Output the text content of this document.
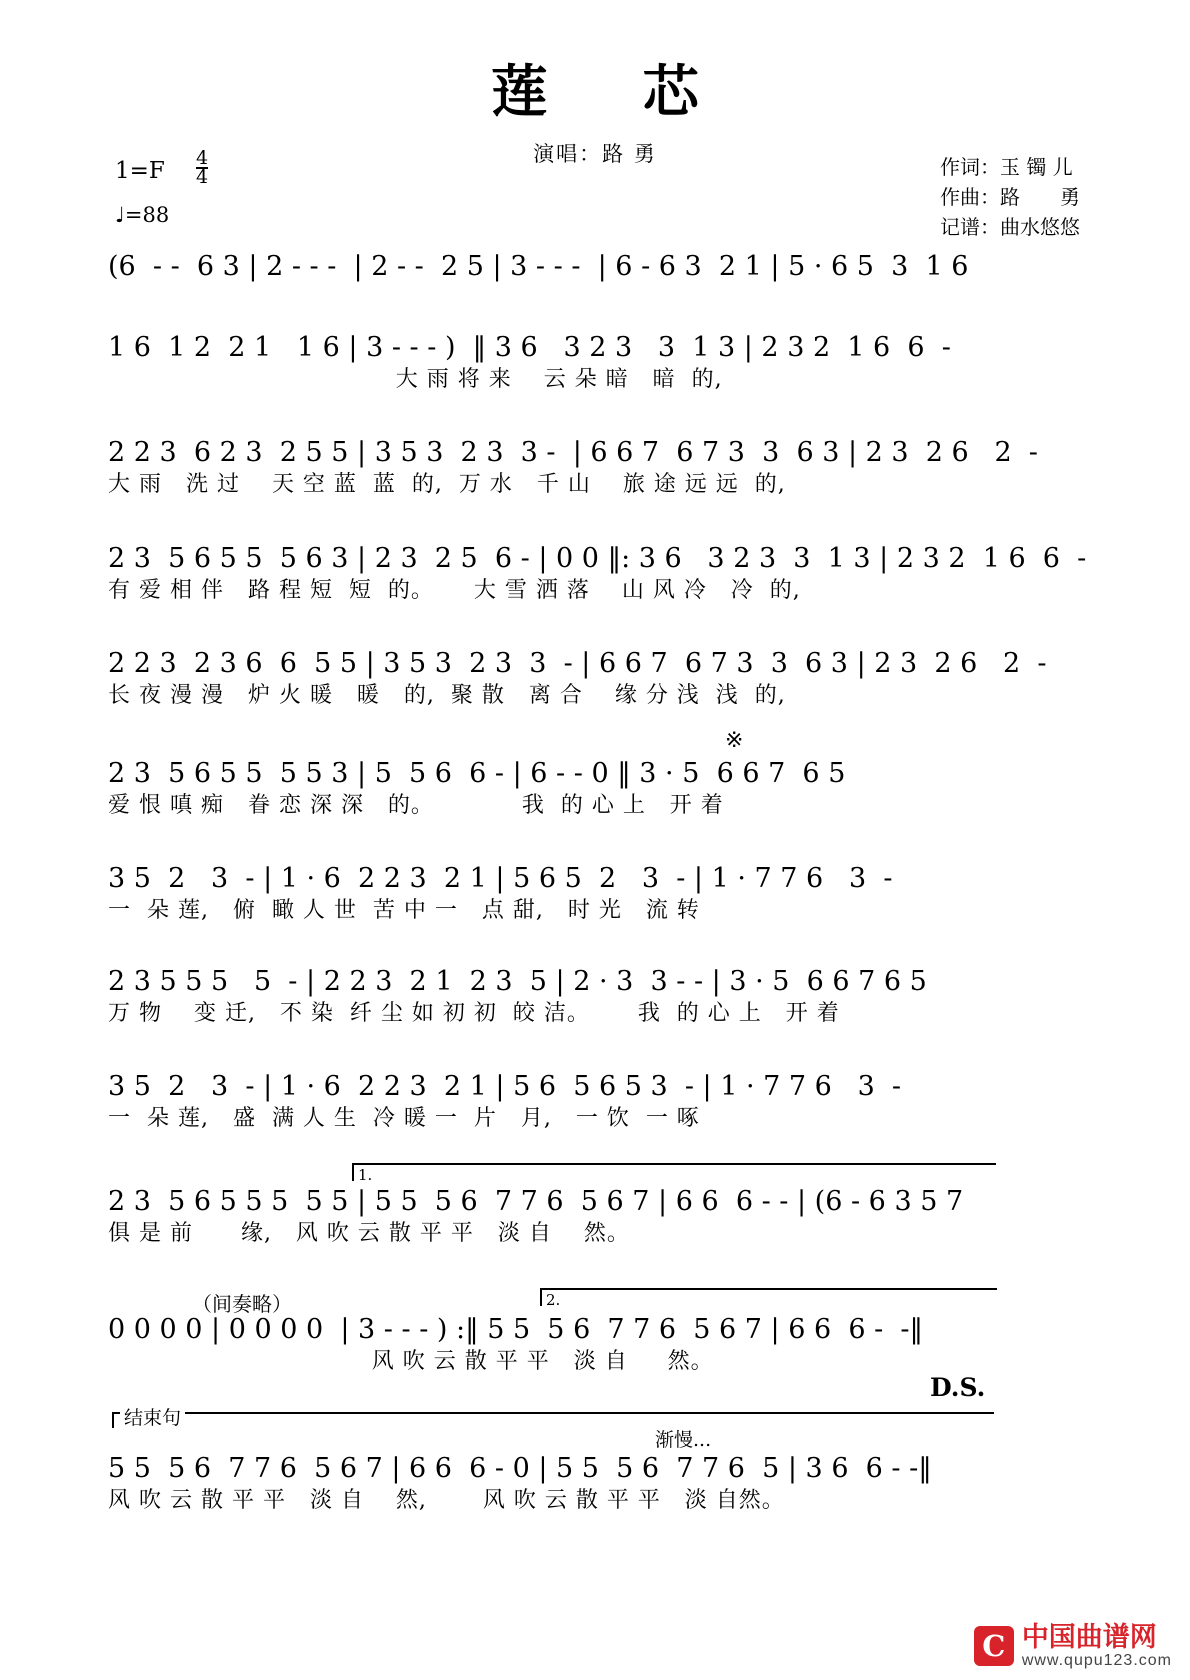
莲 芯
演唱：路 勇
作词：玉 镯 儿
作曲：路　　勇
记谱：曲水悠悠
$1=F \frac{4}{4}$
♩=88
(6  - -  6 3 | 2 - - -  | 2 - -  2 5 | 3 - - -  | 6 - 6 3  2 1 | 5 · 6 5  3  1 6
1 6  1 2  2 1   1 6 | 3 - - - )  ‖ 3 6   3 2 3   3  1 3 | 2 3 2  1 6  6  -
大 雨 将 来    云 朵 暗   暗  的,
2 2 3  6 2 3  2 5 5 | 3 5 3  2 3  3 -  | 6 6 7  6 7 3  3  6 3 | 2 3  2 6   2  -
大 雨   洗 过    天 空 蓝  蓝  的,  万 水   千 山    旅 途 远 远  的,
2 3  5 6 5 5  5 6 3 | 2 3  2 5  6 - | 0 0 ‖: 3 6   3 2 3  3  1 3 | 2 3 2  1 6  6  -
有 爱 相 伴   路 程 短  短  的。     大 雪 洒 落    山 风 冷   冷  的,
2 2 3  2 3 6  6  5 5 | 3 5 3  2 3  3  - | 6 6 7  6 7 3  3  6 3 | 2 3  2 6   2  -
长 夜 漫 漫   炉 火 暖   暖   的,  聚 散   离 合    缘 分 浅  浅  的,
※
2 3  5 6 5 5  5 5 3 | 5  5 6  6 - | 6 - - 0 ‖ 3 · 5  6 6 7  6 5
爱 恨 嗔 痴   眷 恋 深 深   的。           我  的 心 上   开 着
3 5  2   3  - | 1 · 6  2 2 3  2 1 | 5 6 5  2   3  - | 1 · 7 7 6   3  -
一  朵 莲,   俯  瞰 人 世  苦 中 一   点 甜,   时 光   流 转
2 3 5 5 5   5  - | 2 2 3  2 1  2 3  5 | 2 · 3  3 - - | 3 · 5  6 6 7 6 5
万 物    变 迁,   不 染  纤 尘 如 初 初  皎 洁。      我  的 心 上   开 着
3 5  2   3  - | 1 · 6  2 2 3  2 1 | 5 6  5 6 5 3  - | 1 · 7 7 6   3  -
一  朵 莲,   盛  满 人 生  冷 暖 一  片   月,   一 饮  一 啄
1.
2 3  5 6 5 5 5  5 5 | 5 5  5 6  7 7 6  5 6 7 | 6 6  6 - - | (6 - 6 3 5 7
俱 是 前      缘,   风 吹 云 散 平 平   淡 自    然。
2.
（间奏略）
0 0 0 0 | 0 0 0 0  | 3 - - - ) :‖ 5 5  5 6  7 7 6  5 6 7 | 6 6  6 -  -‖
风 吹 云 散 平 平   淡 自     然。
D.S.
结束句
渐慢...
5 5  5 6  7 7 6  5 6 7 | 6 6  6 - 0 | 5 5  5 6  7 7 6  5 | 3 6  6 - -‖
风 吹 云 散 平 平   淡 自    然,       风 吹 云 散 平 平   淡 自然。
C 中国曲谱网
www.qupu123.com
